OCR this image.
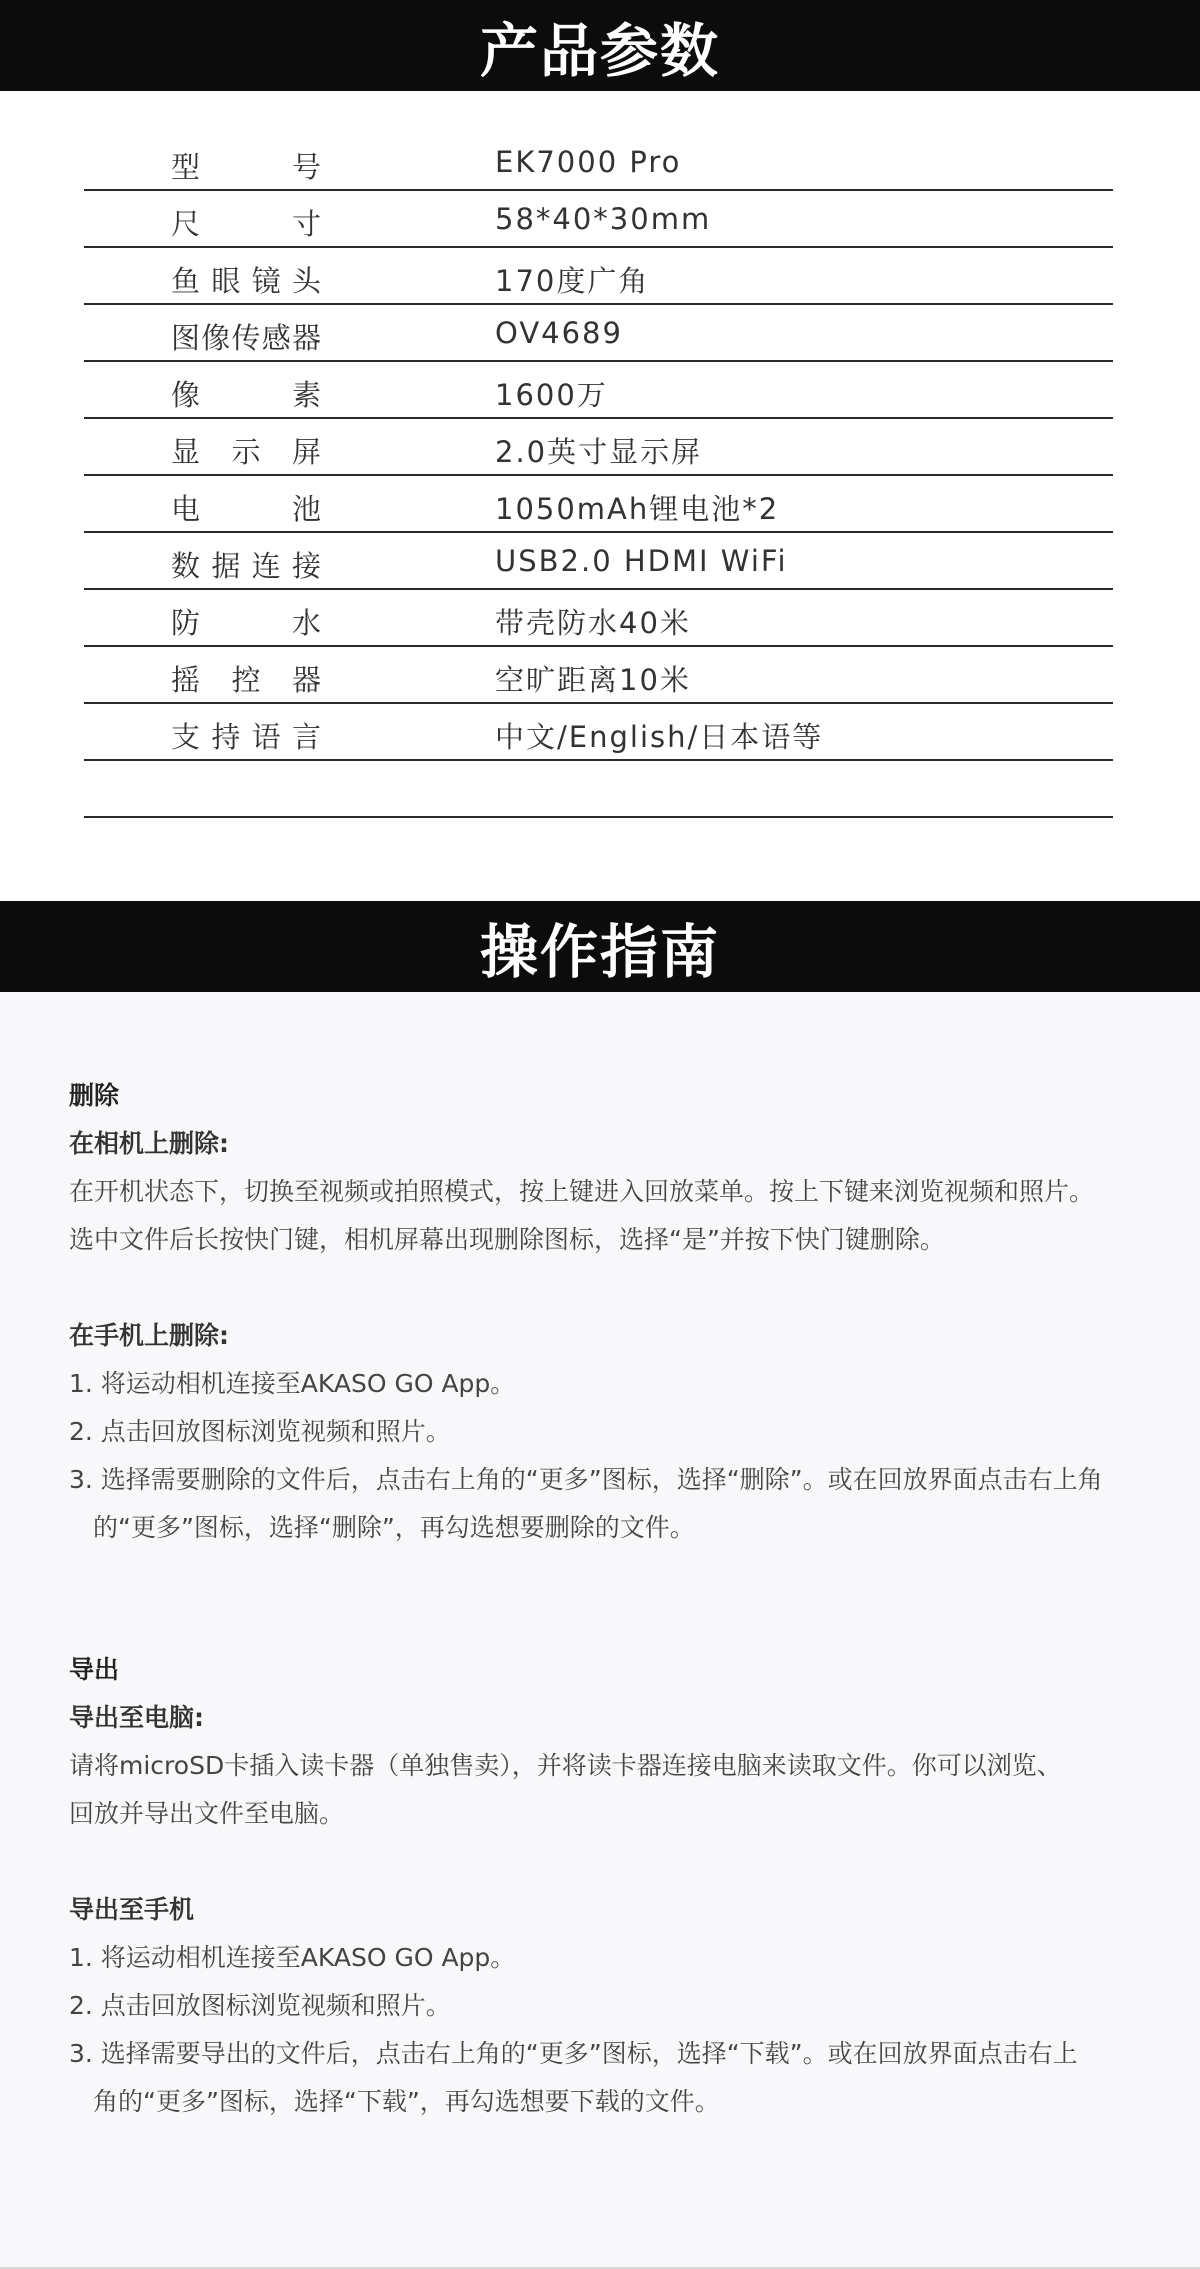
产品参数
型	号	EK7000 Pro
尺	寸	58*40*30mm
鱼 眼 镜 头	170度广角
图 像 传 感 器	OV4689
像	素	1600万
显 示 屏	2.0英寸显示屏
电	池	1050mAh锂电池*2
数 据 连 接	USB2.0 HDMI WiFi
防	水	带壳防水40米
摇 控 器	空旷距离10米
支 持 语 言	中文/English/日本语等
操作指南
删除
在相机上删除:
在开机状态下，切换至视频或拍照模式，按上键进入回放菜单。按上下键来浏览视频和照片。
选中文件后长按快门键，相机屏幕出现删除图标，选择“是”并按下快门键删除。
在手机上删除:
1. 将运动相机连接至AKASO GO App。
2. 点击回放图标浏览视频和照片。
3. 选择需要删除的文件后，点击右上角的“更多”图标，选择“删除”。或在回放界面点击右上角
的“更多”图标，选择“删除”，再勾选想要删除的文件。
导出
导出至电脑:
请将microSD卡插入读卡器（单独售卖），并将读卡器连接电脑来读取文件。你可以浏览、
回放并导出文件至电脑。
导出至手机
1. 将运动相机连接至AKASO GO App。
2. 点击回放图标浏览视频和照片。
3. 选择需要导出的文件后，点击右上角的“更多”图标，选择“下载”。或在回放界面点击右上
角的“更多”图标，选择“下载”，再勾选想要下载的文件。
